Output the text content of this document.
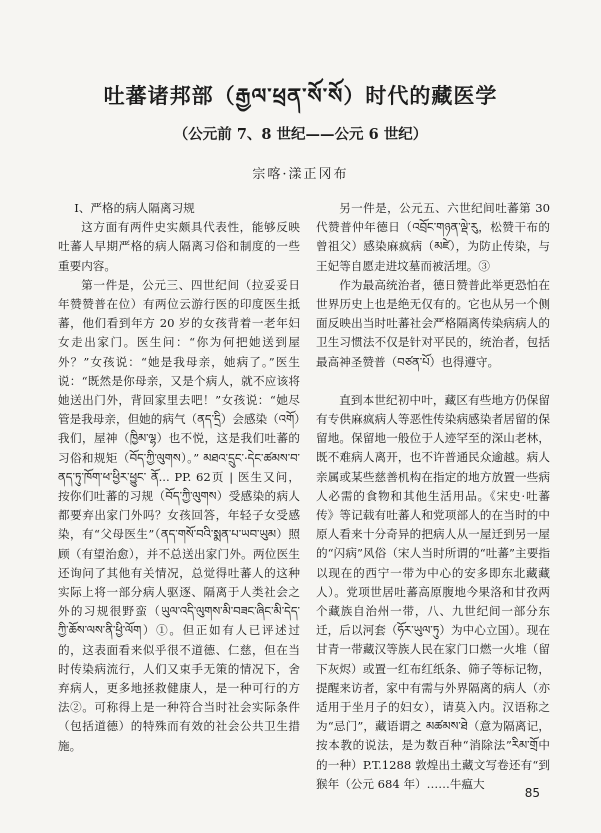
吐蕃诸邦部（རྒྱལ་ཕྲན་སོ་སོ）时代的藏医学
（公元前 7、8 世纪——公元 6 世纪）
宗喀·漾正冈布

Ⅰ、严格的病人隔离习规

这方面有两件史实颇具代表性，能够反映吐蕃人早期严格的病人隔离习俗和制度的一些重要内容。

第一件是，公元三、四世纪间（拉妥妥日年赞赞普在位）有两位云游行医的印度医生抵蕃，他们看到年方 20 岁的女孩背着一老年妇女走出家门。医生问：“你为何把她送到屋外？”女孩说：“她是我母亲，她病了。”医生说：“既然是你母亲，又是个病人，就不应该将她送出门外，背回家里去吧！”女孩说：“她尽管是我母亲，但她的病气（ནད་དྲི）会感染（འགོ）我们，屋神（ཁྱིམ་ལྷ）也不悦，这是我们吐蕃的习俗和规矩（བོད་ཀྱི་ལུགས）。” མཐའ་དྲུང་·དེང་ཚམས་བ་ནད་ཏུ་ཁོག་ཕ་ཕྱིར་ཕྱུང་ ནོ... PP. 62页 | 医生又问，按你们吐蕃的习规（བོད་ཀྱི་ལུགས）受感染的病人都要弃出家门外吗？女孩回答，年轻子女受感染，有“父母医生”（ནད་གསོ་བའི་སྨན་པ་ཡབ་ཡུམ）照顾（有望治愈），并不总送出家门外。两位医生还询问了其他有关情况，总觉得吐蕃人的这种实际上将一部分病人驱逐、隔离于人类社会之外的习规很野蛮（ཡུལ་འདི་ལུགས་མི་བཟང་ཞིང་མི་དེད་ཀྱི་ཆོས་ལས་ནི་ཕྱི་ལོག）①。但正如有人已评述过的，这表面看来似乎很不道德、仁慈，但在当时传染病流行，人们又束手无策的情况下，舍弃病人，更多地拯救健康人，是一种可行的方法②。可称得上是一种符合当时社会实际条件（包括道德）的特殊而有效的社会公共卫生措施。

另一件是，公元五、六世纪间吐蕃第 30 代赞普仲年德日（འབྲོང་གཉན་ལྡེ་རུ，松赞干布的曾祖父）感染麻疯病（མཛེ），为防止传染，与王妃等自愿走进坟墓而被活埋。③

作为最高统治者，德日赞普此举更恐怕在世界历史上也是绝无仅有的。它也从另一个侧面反映出当时吐蕃社会严格隔离传染病病人的卫生习惯法不仅是针对平民的，统治者，包括最高神圣赞普（བཙན་པོ）也得遵守。

直到本世纪初中叶，藏区有些地方仍保留有专供麻疯病人等恶性传染病感染者居留的保留地。保留地一般位于人迹罕至的深山老林，既不难病人离开，也不许普通民众逾越。病人亲属或某些慈善机构在指定的地方放置一些病人必需的食物和其他生活用品。《宋史·吐蕃传》等记载有吐蕃人和党项部人的在当时的中原人看来十分奇异的把病人从一屋迁到另一屋的“闪病”风俗（宋人当时所谓的“吐蕃”主要指以现在的西宁一带为中心的安多即东北藏藏人）。党项世居吐蕃高原腹地今果洛和甘孜两个藏族自治州一带，八、九世纪间一部分东迁，后以河套（ཧོར་ཡུལ་ཏུ）为中心立国）。现在甘青一带藏汉等族人民在家门口燃一火堆（留下灰烬）或置一红布红纸条、筛子等标记物，提醒来访者，家中有需与外界隔离的病人（亦适用于坐月子的妇女），请莫入内。汉语称之为“忌门”，藏语谓之 མཚམས་ཐེ（意为隔离记，按本教的说法，是为数百种“消除法”རིམ་གྲོ中的一种）P.T.1288 敦煌出土藏文写卷还有“到猴年（公元 684 年）……牛瘟大

85
